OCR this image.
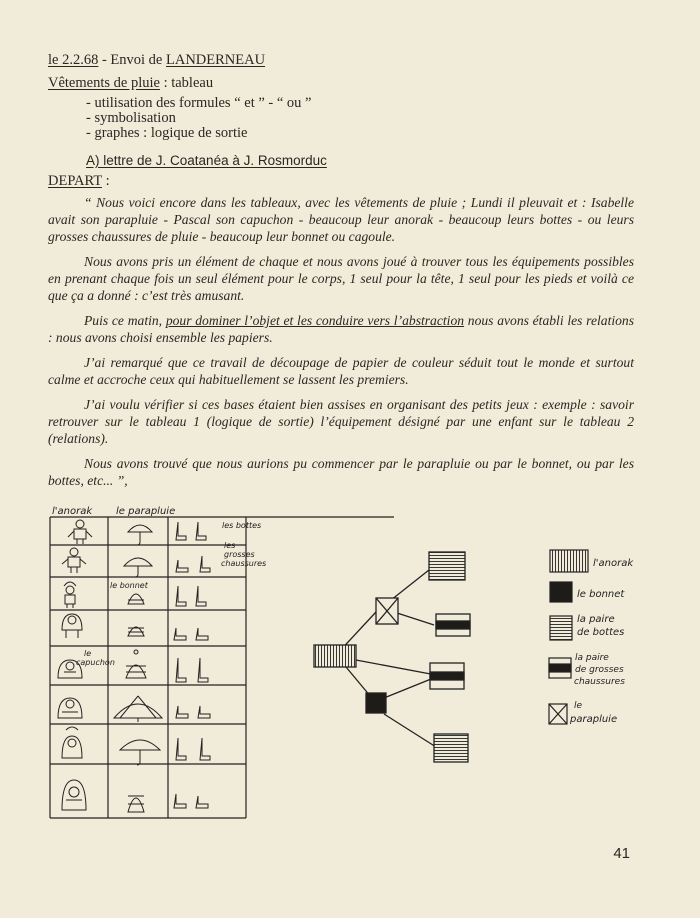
le 2.2.68 - Envoi de LANDERNEAU
Vêtements de pluie : tableau
- utilisation des formules “ et ” - “ ou ”
- symbolisation
- graphes : logique de sortie
A) lettre de J. Coatanéa à J. Rosmorduc
DEPART :

“ Nous voici encore dans les tableaux, avec les vêtements de pluie ; Lundi il pleuvait et : Isabelle avait son parapluie - Pascal son capuchon - beaucoup leur anorak - beaucoup leurs bottes - ou leurs grosses chaussures de pluie - beaucoup leur bonnet ou cagoule.

Nous avons pris un élément de chaque et nous avons joué à trouver tous les équipements possibles en prenant chaque fois un seul élément pour le corps, 1 seul pour la tête, 1 seul pour les pieds et voilà ce que ça a donné : c’est très amusant.

Puis ce matin, pour dominer l’objet et les conduire vers l’abstraction nous avons établi les relations : nous avons choisi ensemble les papiers.

J’ai remarqué que ce travail de découpage de papier de couleur séduit tout le monde et surtout calme et accroche ceux qui habituellement se lassent les premiers.

J’ai voulu vérifier si ces bases étaient bien assises en organisant des petits jeux : exemple : savoir retrouver sur le tableau 1 (logique de sortie) l’équipement désigné par une enfant sur le tableau 2 (relations).

Nous avons trouvé que nous aurions pu commencer par le parapluie ou par le bonnet, ou par les bottes, etc... ”,

l'anorak le parapluie
les bottes
les
grosses
chaussures
le bonnet
le
capuchon
l'anorak
le bonnet
la paire
de bottes
la paire
de grosses
chaussures
le
parapluie
41
